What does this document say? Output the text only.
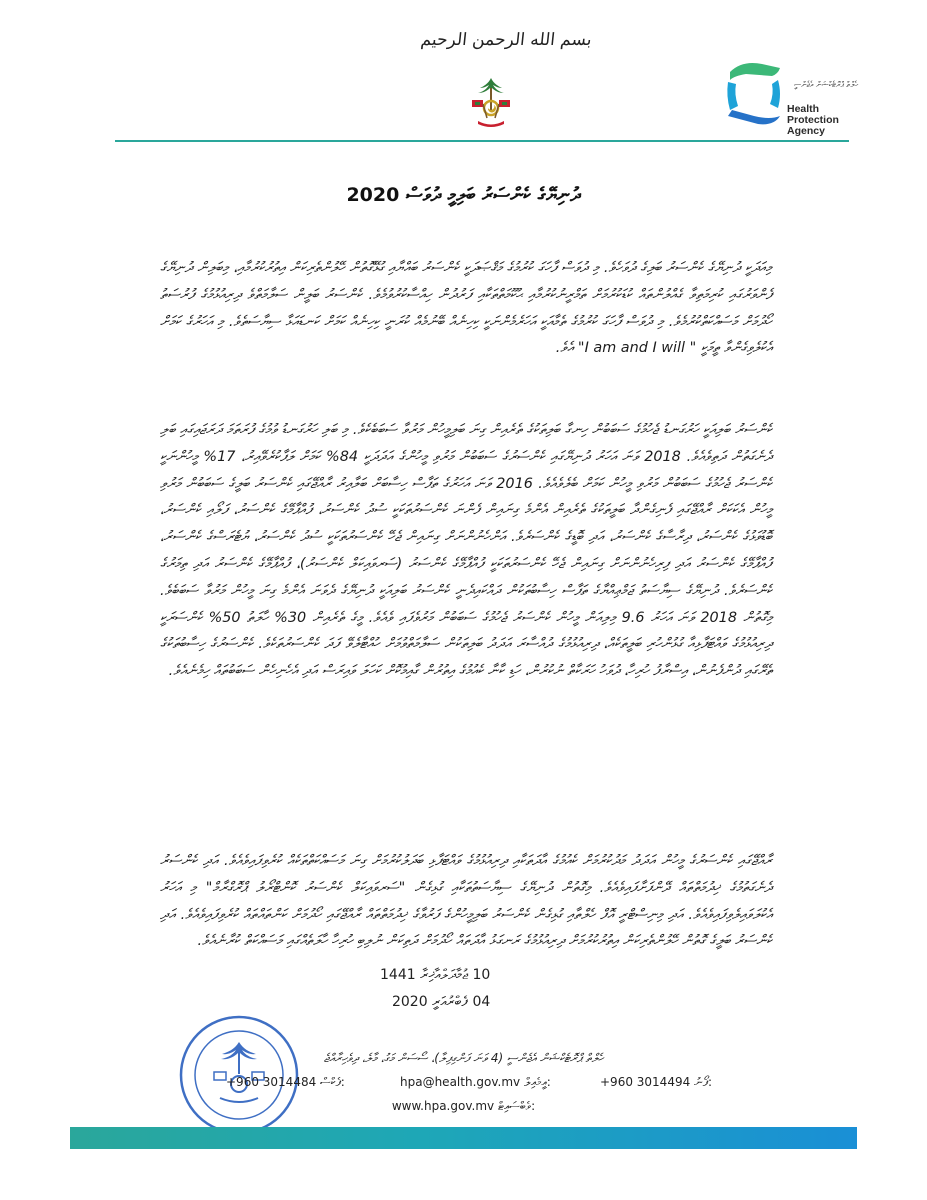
بسم الله الرحمن الرحيم
ހެލްތް ޕްރޮޓެކްޝަން އެޖެންސީ
Health
Protection
Agency
ދުނިޔޭގެ ކެންސަރު ބަލިމީ ދުވަސް 2020
މިއަދަކީ ދުނިޔޭގެ ކެންސަރު ބަލިގެ ދުވަހެވެ. މި ދުވަސް ފާހަގަ ކުރުމުގެ މަޤްޞަދަކީ ކެންސަރު ބައްޔާއި ގުޅޭގޮތުން ހޭލުންތެރިކަން އިތުރުކުރުމާއި، މިބަލިން ދުނިޔޭގެ ފެންވަރުގައި ކުރިމަތިވާ ގެއްލުންތައް ކުޑަކުރުމަށް ތަމްރީނުކުރުމާއި ޙުކޫމަތްތަކާއި ފަރުދުން ހިއްސާކުރުވުމެވެ. ކެންސަރު ބަލީން ސަލާމަތްވެ ދިރިއުޅުމުގެ ފުރުސަތު ހޯދުމަށް މަސައްކަތްކުރުމެވެ. މި ދުވަސް ފާހަގަ ކުރުމުގެ ތެމާއަކީ އަހަރެމެންނަކީ ކިހިނެއް ބޭނުމެއް ކުރަނީ ކިހިނެއް ކަމަށް ކަނޑައަޅާ ސިޔާސަތެވެ. މި އަހަރުގެ ކަމަށް އެކުލެވިގެންވާ ތީމަކީ " I am and I will" އެވެ.
ކެންސަރު ބަލިއަކީ ހަރުގަނޑު ޖެހުމުގެ ސަބަބުން ހިނގާ ބަލިތަކުގެ ތެރެއިން ގިނަ ބަލިމީހުން މަރުވާ ސަބަބެކެވެ. މި ބަލި ހަރުގަނޑު ވުމުގެ ފުރަތަމަ ދަރަޖައިގައި ބަލި ދެނެގަތުން ދަތިވެއެވެ. 2018 ވަނަ އަހަރު ދުނިޔޭގައި ކެންސަރުގެ ސަބަބުން މަރުވި މީހުންގެ އަދަދަކީ 84% ކަމަށް ލަފާކުރެވޭއިރު، 17% މީހުންނަކީ ކެންސަރު ޖެހުމުގެ ސަބަބުން މަރުވި މީހުން ކަމަށް ބެލެވެއެވެ. 2016 ވަނަ އަހަރުގެ ތަފާސް ހިސާބަށް ބަލާއިރު ރާއްޖޭގައި ކެންސަރު ބަލީގެ ސަބަބުން މަރުވި މީހުން އެކަކަށް ރާއްޖޭގައި ފެނިގެންދާ ބަލީތަކުގެ ތެރެއިން އެންމެ ގިނައިން ފެންނަ ކެންސަރުތަކަކީ ސުދު ކެންސަރު، ފުއްޕާމޭގެ ކެންސަރު، ފަލޯއި ކެންސަރު، ބޮޑުވަޅުގެ ކެންސަރު، ދިރާސާގެ ކެންސަރު، އަދި ބޮޑީގެ ކެންސަރެވެ. އަންހެނުންނަށް ގިނައިން ޖެހޭ ކެންސަރުތަކަކީ ސުދު ކެންސަރު، ޔުޓެރަސްގެ ކެންސަރު، ފުއްޕާމޭގެ ކެންސަރު އަދި ފިރިހެނުންނަށް ގިނައިން ޖެހޭ ކެންސަރުތަކަކީ ފުއްޕާމޭގެ ކެންސަރު (ސަރވައިކަލް ކެންސަރު)، ފުއްޕާމޭގެ ކެންސަރު އަދި ތިމަރުގެ ކެންސަރެވެ. ދުނިޔޭގެ ސިޔާސަތު ޖަމްޢިއްޔާގެ ތަފާސް ހިސާބުތަކުން ދައްކައިދެނީ ކެންސަރު ބަލިއަކީ ދުނިޔޭގެ ދެވަނަ އެންމެ ގިނަ މީހުން މަރުވާ ސަބަބެވެ. މިގޮތުން 2018 ވަނަ އަހަރު 9.6 މިލިއަން މީހުން ކެންސަރު ޖެހުމުގެ ސަބަބުން މަރުވެފައި ވެއެވެ. މީގެ ތެރެއިން 30% ހާލަތު 50% ކެންސަރަކީ ދިރިއުޅުމުގެ ވައްޓަފާޅިއާ ގުޅުންހުރި ބަލީތަކެއް، ދިރިއުޅުމުގެ ދުއްސާރަ އަދަދު ބަލިތަކުން ސަލާމަތްވުމަށް ހުއްޓާލެވޭ ފަދަ ކެންސަރުތަކެވެ. ކެންސަރުގެ ހިސާބުތަކުގެ ތެރޭގައި ދުންފެނުން، އިސްރާފު ހުރިހާ، ދުވަހު ހަރަކާތް ނުކުރުން، ހަޑި ކާނާ ކެއުމުގެ އިތުރުން ގާއިމުކޮށް ކަހަލަ ވައިރަސް އަދި އެހެނިހެން ސަބަބުތައް ހިމެނެއެވެ.
ރާއްޖޭގައި ކެންސަރުގެ މީހުން އަދަދު މަދުކުރުމަށް ކެއުމުގެ އާދަތަކާއި ދިރިއުޅުމުގެ ވައްޓަފާޅި ބަދަލުކުރުމަށް ގިނަ މަސައްކަތްތަކެއް ކުރެވިފައިވެއެވެ. އަދި ކެންސަރު ދެނެގަތުމުގެ ޚިދުމަތްތައް ދޭންފަށާފައިވެއެވެ. މިގޮތުން ދުނިޔޭގެ ސިޔާސަތުތަކާއި ގުޅިގެން "ސަރވައިކަލް ކެންސަރު ކޮންޓްރޯލު ޕްރޮގްރާމް" މި އަހަރު އެކުލަވައިލެވިފައިވެއެވެ. އަދި މިނިސްޓްރީ އޮފް ހެލްތާއި ގުޅިގެން ކެންސަރު ބަލިމީހުންގެ ފަރުވާގެ ޚިދުމަތްތައް ރާއްޖޭގައި ހޯދުމަށް ކަންތައްތައް ކުރެވިފައިވެއެވެ. އަދި ކެންސަރު ބަލީގެ ގޮތުން ހޭލުންތެރިކަން އިތުރުކުރުމަށް ދިރިއުޅުމުގެ ރަނގަޅު އާދަތައް ހޯދުމަށް ދަތިކަން ނުލިބި ހުރިހާ ހާލަތެއްގައި މަސައްކަތް ކުރާނެއެވެ.
10 ޖުމާދަލްއާޚިރާ 1441
04 ފެބްރުއަރީ 2020
ހެލްތް ޕްރޮޓެކްޝަން އެޖެންސީ (4 ވަނަ ފަންގިފިލާ)، ސޯސަން މަގު، މާލެ، ދިވެހިރާއްޖެ
+960 3014494 ފޯނު:
hpa@health.gov.mv އީމެއިލް:
+960 3014484 ފެކްސް:
www.hpa.gov.mv ވެބްސައިޓް:
